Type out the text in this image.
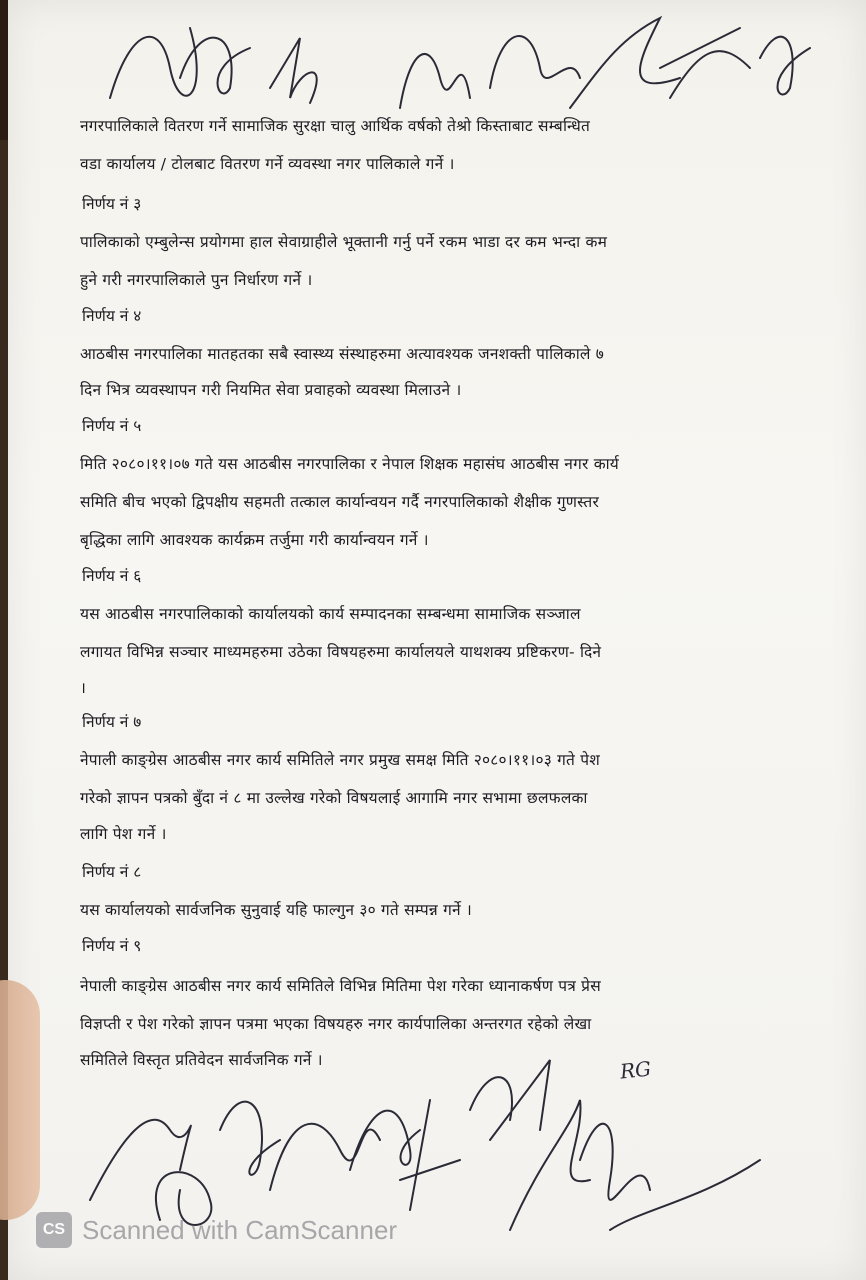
नगरपालिकाले वितरण गर्ने सामाजिक सुरक्षा चालु आर्थिक वर्षको तेश्रो किस्ताबाट सम्बन्धित
वडा कार्यालय / टोलबाट वितरण गर्ने व्यवस्था नगर पालिकाले गर्ने ।
निर्णय नं ३
पालिकाको एम्बुलेन्स प्रयोगमा हाल सेवाग्राहीले भूक्तानी गर्नु पर्ने रकम भाडा दर कम भन्दा कम
हुने गरी नगरपालिकाले पुन निर्धारण गर्ने ।
निर्णय नं ४
आठबीस नगरपालिका मातहतका सबै स्वास्थ्य संस्थाहरुमा अत्यावश्यक जनशक्ती पालिकाले ७
दिन भित्र व्यवस्थापन गरी नियमित सेवा प्रवाहको व्यवस्था मिलाउने ।
निर्णय नं ५
मिति २०८०।११।०७ गते यस आठबीस नगरपालिका र नेपाल शिक्षक महासंघ आठबीस नगर कार्य
समिति बीच भएको द्विपक्षीय सहमती तत्काल कार्यान्वयन गर्दै नगरपालिकाको शैक्षीक गुणस्तर
बृद्धिका लागि आवश्यक कार्यक्रम तर्जुमा गरी कार्यान्वयन गर्ने ।
निर्णय नं ६
यस आठबीस नगरपालिकाको कार्यालयको कार्य सम्पादनका सम्बन्धमा सामाजिक सञ्जाल
लगायत विभिन्न सञ्चार माध्यमहरुमा उठेका विषयहरुमा कार्यालयले याथशक्य प्रष्टिकरण- दिने
।
निर्णय नं ७
नेपाली काङ्ग्रेस आठबीस नगर कार्य समितिले नगर प्रमुख समक्ष मिति २०८०।११।०३ गते पेश
गरेको ज्ञापन पत्रको बुँदा नं ८ मा उल्लेख गरेको विषयलाई आगामि नगर सभामा छलफलका
लागि पेश गर्ने ।
निर्णय नं ८
यस कार्यालयको सार्वजनिक सुनुवाई यहि फाल्गुन ३० गते सम्पन्न गर्ने ।
निर्णय नं ९
नेपाली काङ्ग्रेस आठबीस नगर कार्य समितिले विभिन्न मितिमा पेश गरेका ध्यानाकर्षण पत्र प्रेस
विज्ञप्ती र पेश गरेको ज्ञापन पत्रमा भएका विषयहरु नगर कार्यपालिका अन्तरगत रहेको लेखा
समितिले विस्तृत प्रतिवेदन सार्वजनिक गर्ने ।	RG
CS Scanned with CamScanner
